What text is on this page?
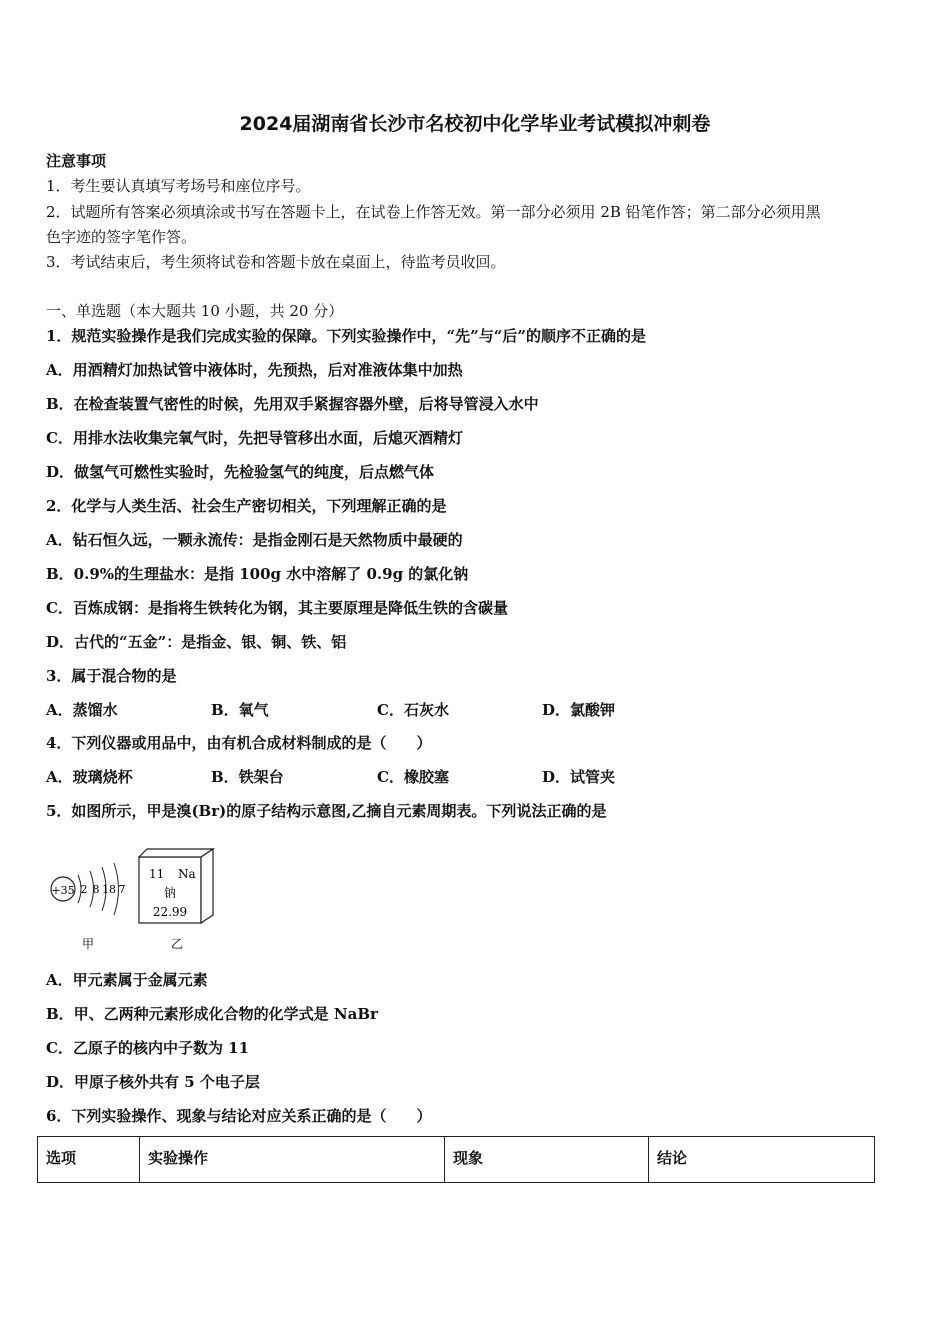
2024届湖南省长沙市名校初中化学毕业考试模拟冲刺卷
注意事项
1．考生要认真填写考场号和座位序号。
2．试题所有答案必须填涂或书写在答题卡上，在试卷上作答无效。第一部分必须用 2B 铅笔作答；第二部分必须用黑
色字迹的签字笔作答。
3．考试结束后，考生须将试卷和答题卡放在桌面上，待监考员收回。
一、单选题（本大题共 10 小题，共 20 分）
1．规范实验操作是我们完成实验的保障。下列实验操作中，“先”与“后”的顺序不正确的是
A．用酒精灯加热试管中液体时，先预热，后对准液体集中加热
B．在检查装置气密性的时候，先用双手紧握容器外壁，后将导管浸入水中
C．用排水法收集完氧气时，先把导管移出水面，后熄灭酒精灯
D．做氢气可燃性实验时，先检验氢气的纯度，后点燃气体
2．化学与人类生活、社会生产密切相关，下列理解正确的是
A．钻石恒久远，一颗永流传：是指金刚石是天然物质中最硬的
B．0.9%的生理盐水：是指 100g 水中溶解了 0.9g 的氯化钠
C．百炼成钢：是指将生铁转化为钢，其主要原理是降低生铁的含碳量
D．古代的“五金”：是指金、银、铜、铁、铝
3．属于混合物的是
A．蒸馏水	B．氧气	C．石灰水	D．氯酸钾
4．下列仪器或用品中，由有机合成材料制成的是（　　）
A．玻璃烧杯	B．铁架台	C．橡胶塞	D．试管夹
5．如图所示，甲是溴(Br)的原子结构示意图,乙摘自元素周期表。下列说法正确的是
+35 2 8 18 7
甲
11 Na
钠
22.99
乙
A．甲元素属于金属元素
B．甲、乙两种元素形成化合物的化学式是 NaBr
C．乙原子的核内中子数为 11
D．甲原子核外共有 5 个电子层
6．下列实验操作、现象与结论对应关系正确的是（　　）
选项	实验操作	现象	结论
